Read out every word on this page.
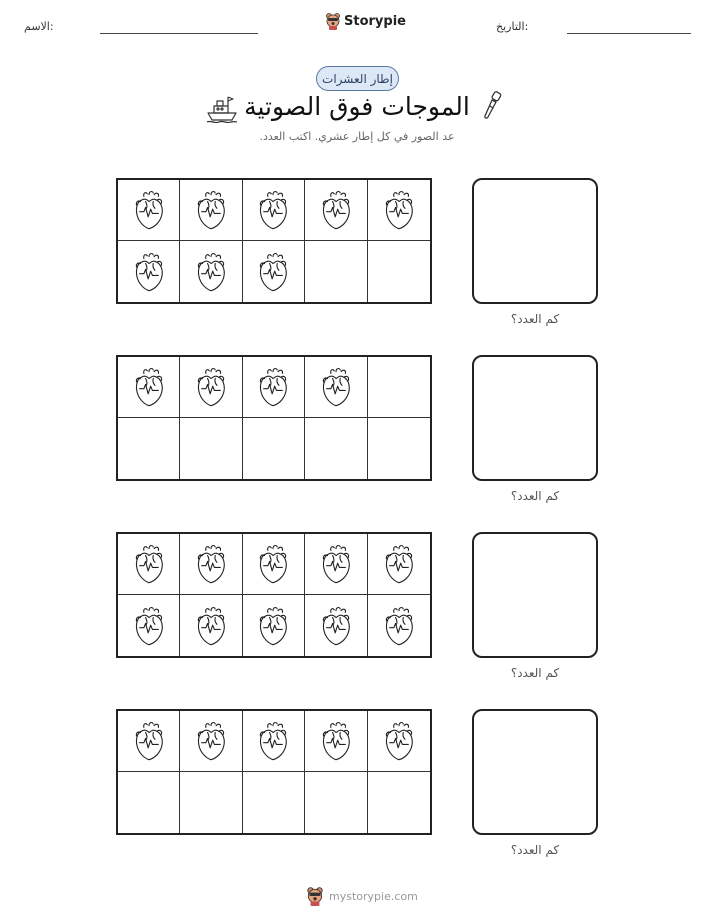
الاسم:	Storypie	التاريخ:
إطار العشرات
الموجات فوق الصوتية
عد الصور في كل إطار عشري. اكتب العدد.
كم العدد؟
كم العدد؟
كم العدد؟
كم العدد؟
mystorypie.com
